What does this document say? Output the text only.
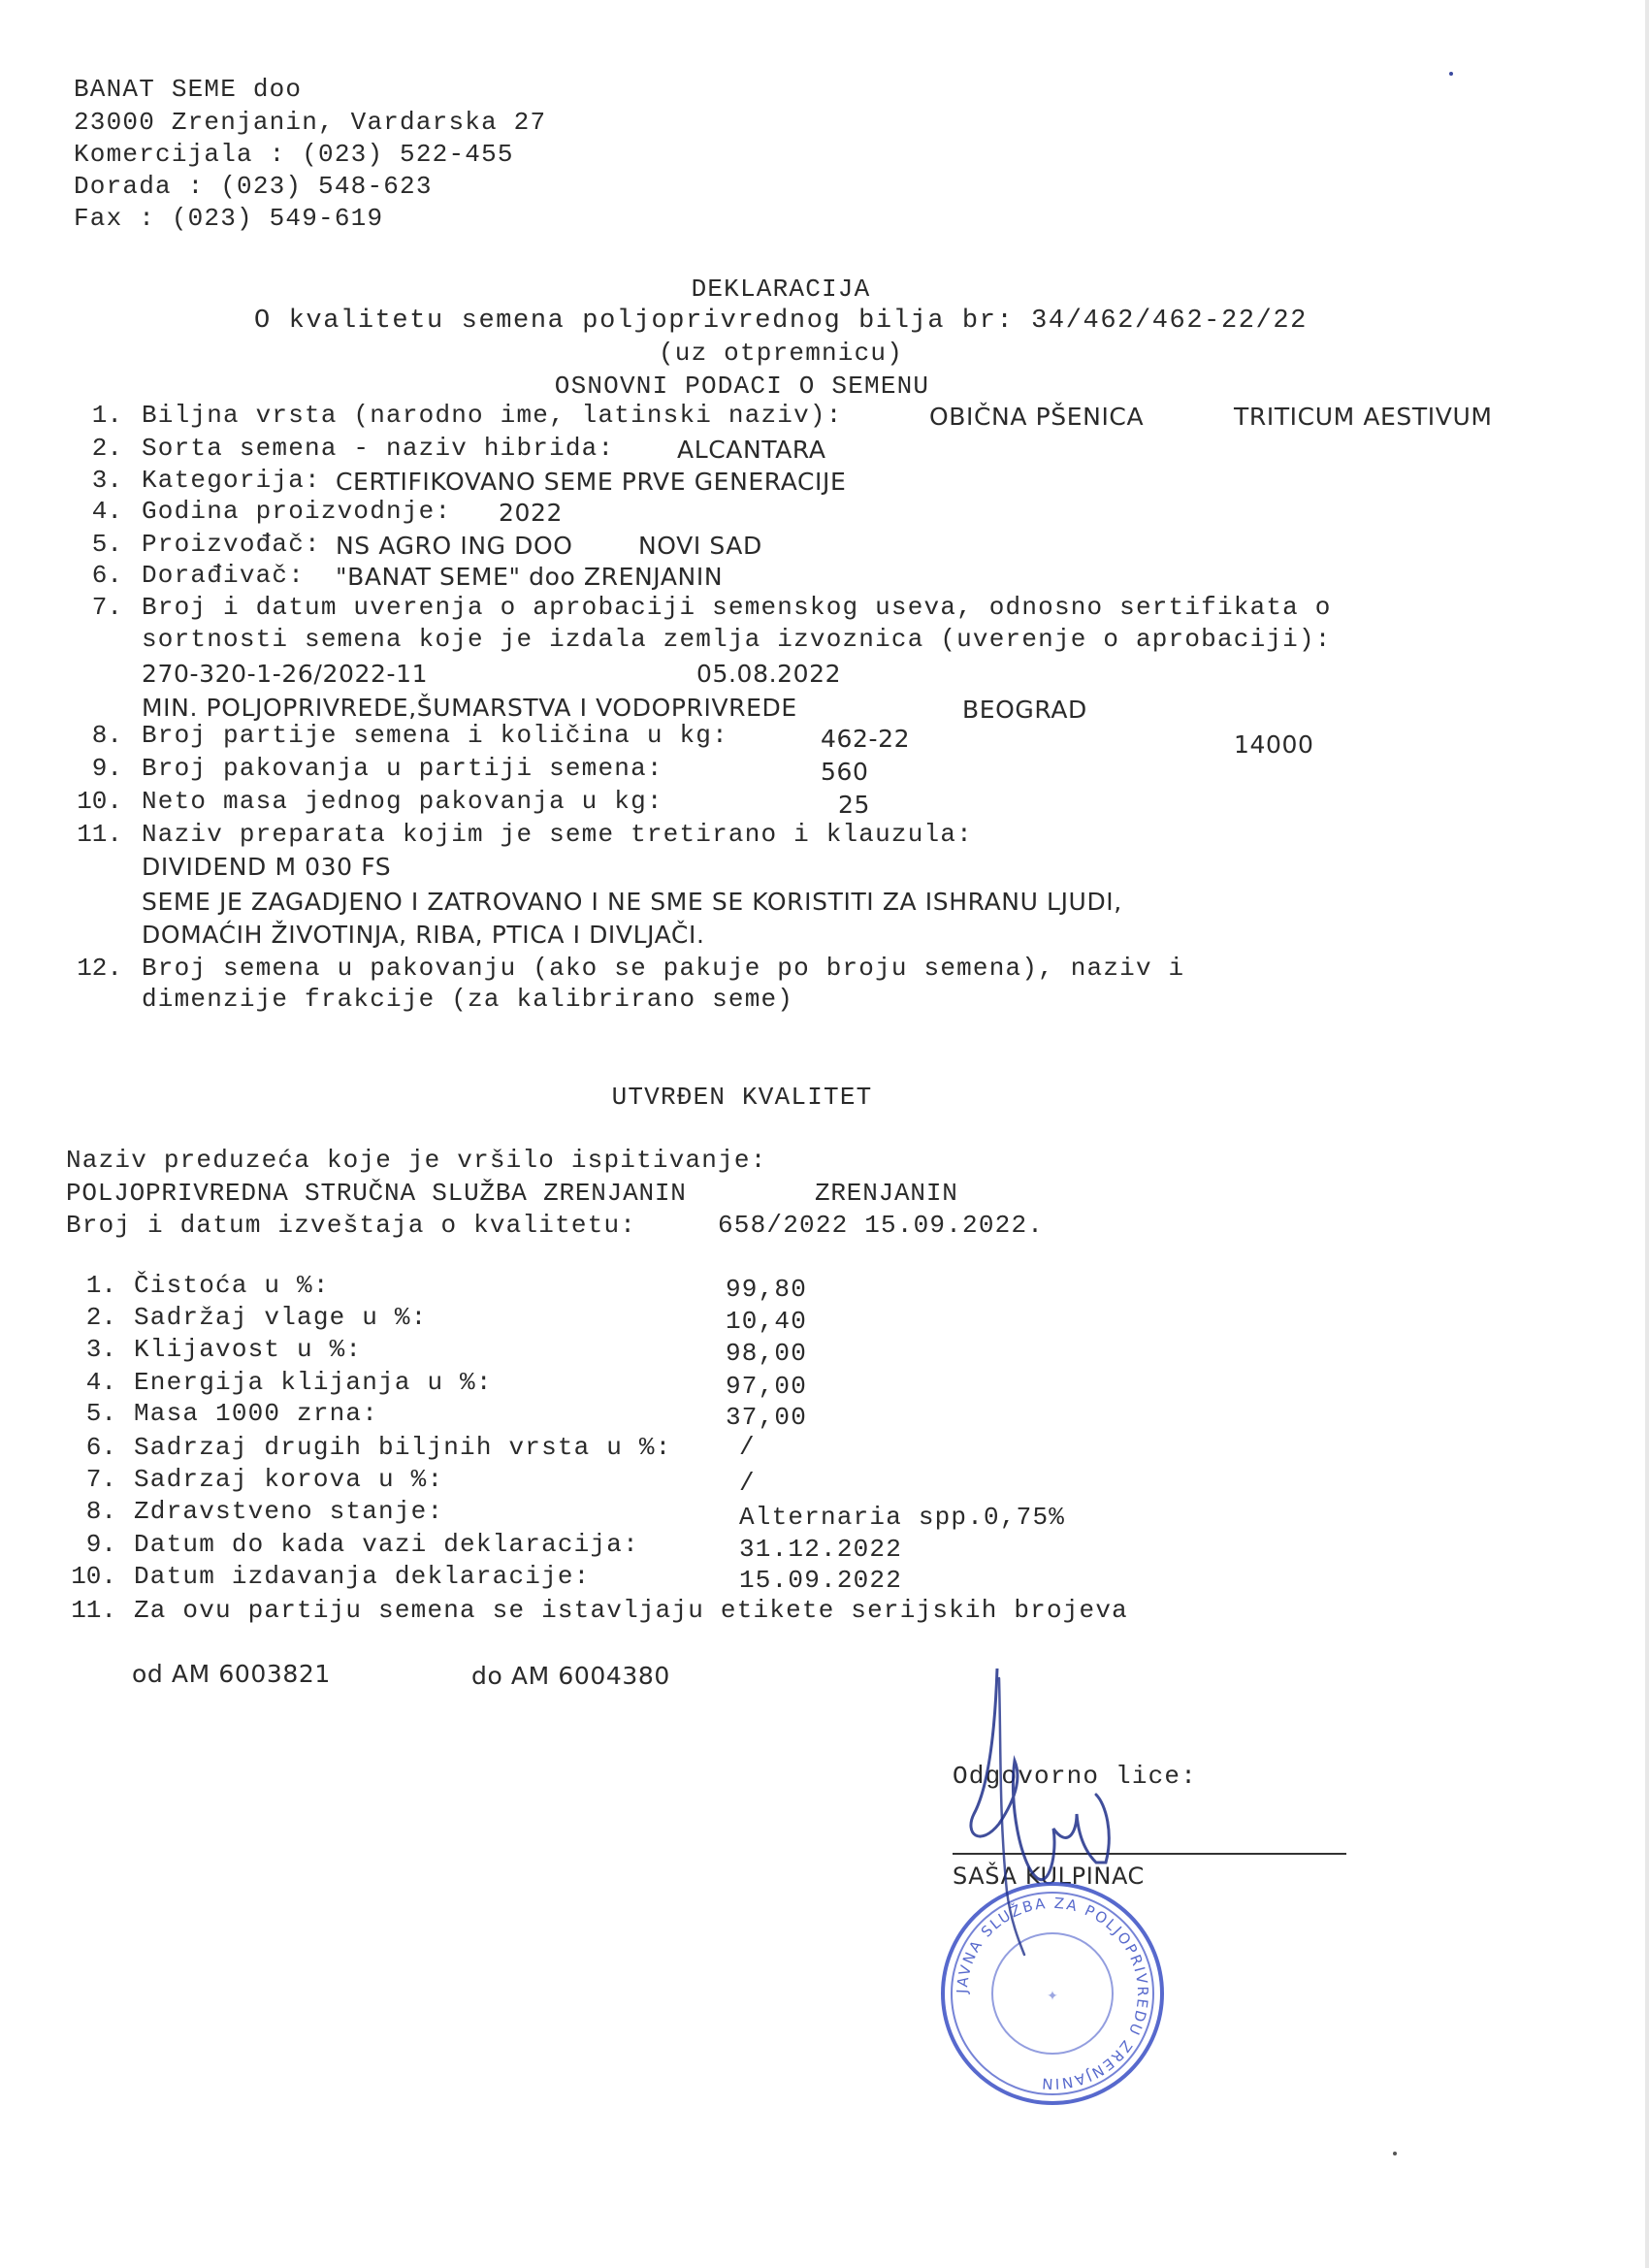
BANAT SEME doo
23000 Zrenjanin, Vardarska 27
Komercijala : (023) 522-455
Dorada : (023) 548-623
Fax : (023) 549-619
DEKLARACIJA
O kvalitetu semena poljoprivrednog bilja br: 34/462/462-22/22
(uz otpremnicu)
OSNOVNI PODACI O SEMENU
1. Biljna vrsta (narodno ime, latinski naziv):	OBIČNA PŠENICA	TRITICUM AESTIVUM
2. Sorta semena - naziv hibrida:	ALCANTARA
3. Kategorija: CERTIFIKOVANO SEME PRVE GENERACIJE
4. Godina proizvodnje: 2022
5. Proizvođač: NS AGRO ING DOO	NOVI SAD
6. Dorađivač: "BANAT SEME" doo ZRENJANIN
7. Broj i datum uverenja o aprobaciji semenskog useva, odnosno sertifikata o
sortnosti semena koje je izdala zemlja izvoznica (uverenje o aprobaciji):
270-320-1-26/2022-11	05.08.2022
MIN. POLJOPRIVREDE,ŠUMARSTVA I VODOPRIVREDE	BEOGRAD
8. Broj partije semena i količina u kg:	462-22	14000
9. Broj pakovanja u partiji semena:	560
10. Neto masa jednog pakovanja u kg:	25
11. Naziv preparata kojim je seme tretirano i klauzula:
DIVIDEND M 030 FS
SEME JE ZAGADJENO I ZATROVANO I NE SME SE KORISTITI ZA ISHRANU LJUDI,
DOMAĆIH ŽIVOTINJA, RIBA, PTICA I DIVLJAČI.
12. Broj semena u pakovanju (ako se pakuje po broju semena), naziv i
dimenzije frakcije (za kalibrirano seme)
UTVRĐEN KVALITET
Naziv preduzeća koje je vršilo ispitivanje:
POLJOPRIVREDNA STRUČNA SLUŽBA ZRENJANIN	ZRENJANIN
Broj i datum izveštaja o kvalitetu:	658/2022 15.09.2022.
1. Čistoća u %:	99,80
2. Sadržaj vlage u %:	10,40
3. Klijavost u %:	98,00
4. Energija klijanja u %:	97,00
5. Masa 1000 zrna:	37,00
6. Sadrzaj drugih biljnih vrsta u %:	/
7. Sadrzaj korova u %:	/
8. Zdravstveno stanje:	Alternaria spp.0,75%
9. Datum do kada vazi deklaracija:	31.12.2022
10. Datum izdavanja deklaracije:	15.09.2022
11. Za ovu partiju semena se istavljaju etikete serijskih brojeva
od AM 6003821	do AM 6004380
Odgovorno lice:
SAŠA KULPINAC
JAVNA SLUŽBA ZA POLJOPRIVREDU ZRENJANIN
✦
